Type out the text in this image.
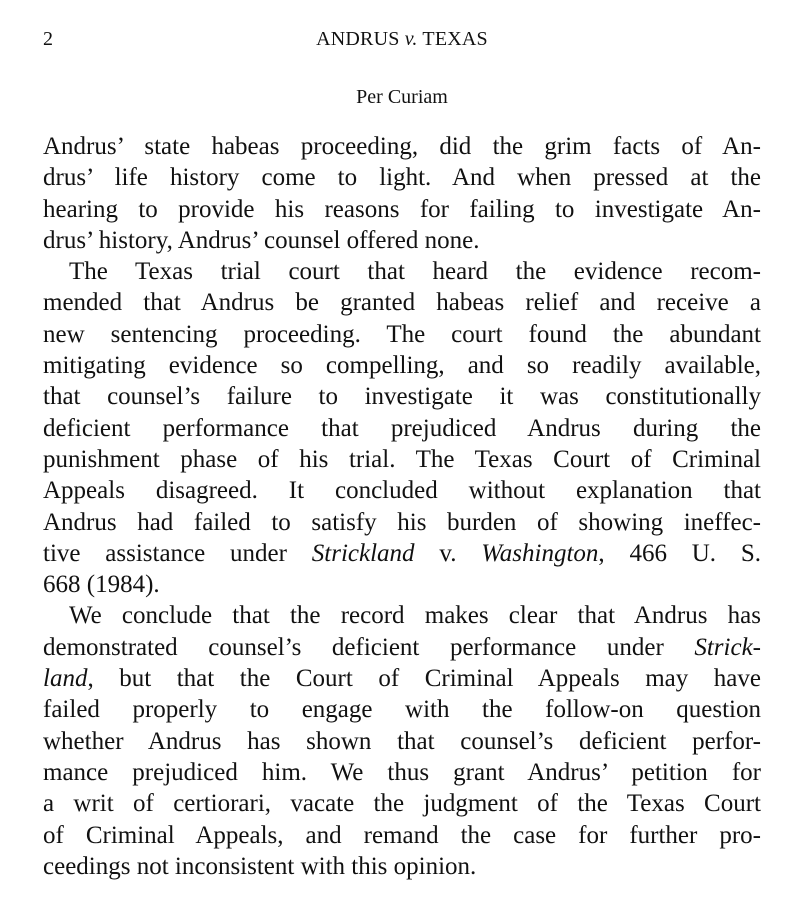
2	ANDRUS v. TEXAS
Per Curiam

Andrus’ state habeas proceeding, did the grim facts of An-
drus’ life history come to light. And when pressed at the
hearing to provide his reasons for failing to investigate An-
drus’ history, Andrus’ counsel offered none.

The Texas trial court that heard the evidence recom-
mended that Andrus be granted habeas relief and receive a
new sentencing proceeding. The court found the abundant
mitigating evidence so compelling, and so readily available,
that counsel’s failure to investigate it was constitutionally
deficient performance that prejudiced Andrus during the
punishment phase of his trial. The Texas Court of Criminal
Appeals disagreed. It concluded without explanation that
Andrus had failed to satisfy his burden of showing ineffec-
tive assistance under Strickland v. Washington, 466 U. S.
668 (1984).

We conclude that the record makes clear that Andrus has
demonstrated counsel’s deficient performance under Strick-
land, but that the Court of Criminal Appeals may have
failed properly to engage with the follow-on question
whether Andrus has shown that counsel’s deficient perfor-
mance prejudiced him. We thus grant Andrus’ petition for
a writ of certiorari, vacate the judgment of the Texas Court
of Criminal Appeals, and remand the case for further pro-
ceedings not inconsistent with this opinion.
